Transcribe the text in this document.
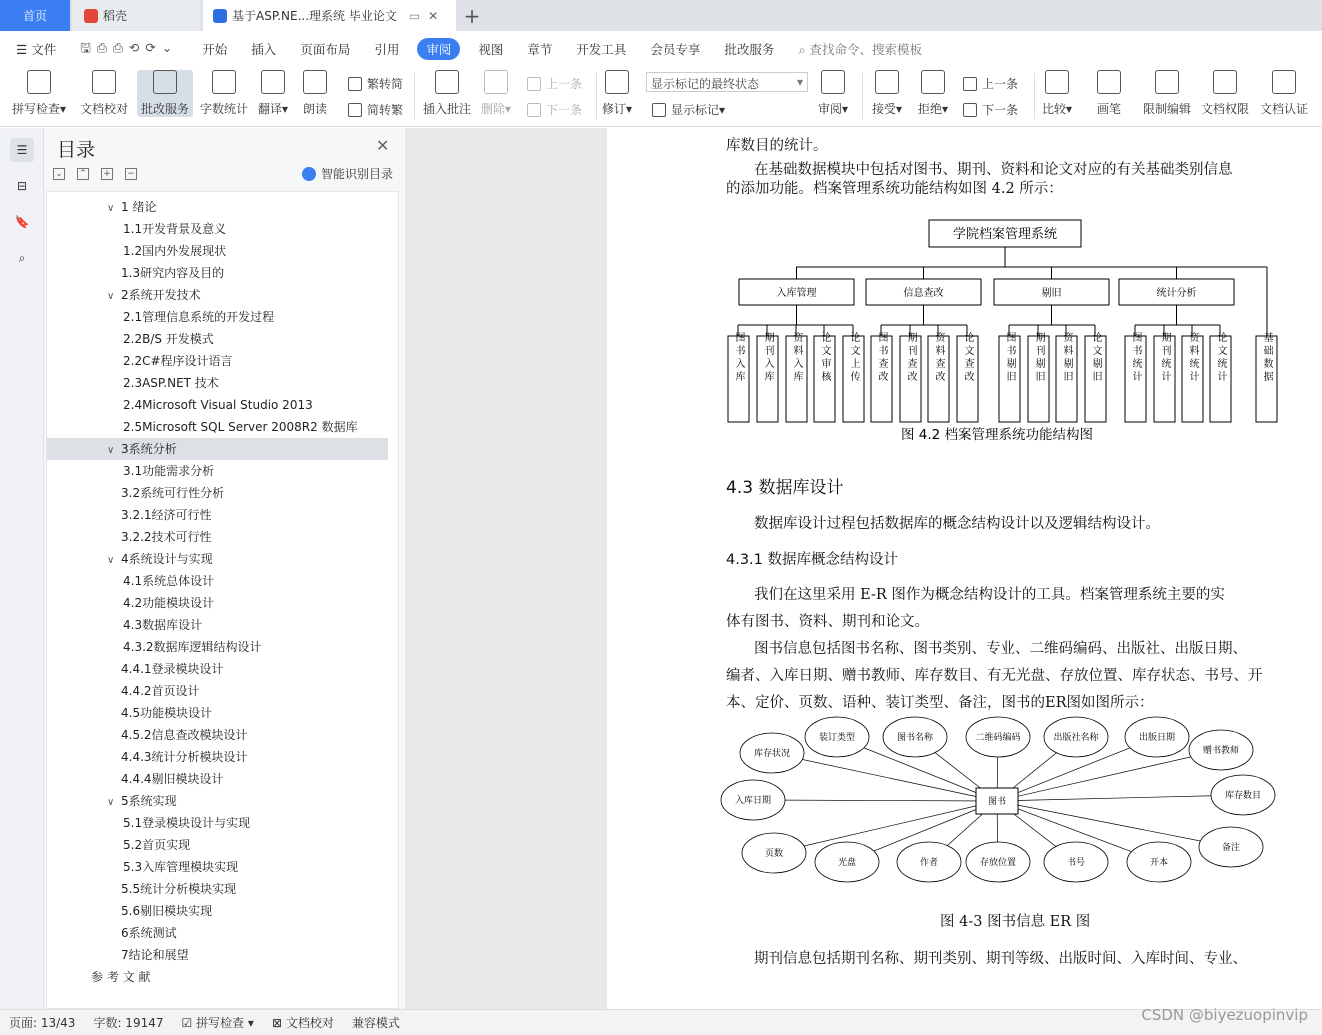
首页	稻壳	基于ASP.NE...理系统 毕业论文 ▭ ✕ +
☰ 文件 🖫⎙⎙⟲⟳⌄ 开始 插入 页面布局 引用	审阅	视图 章节 开发工具 会员专享 批改服务 ⌕ 查找命令、搜索模板
拼写检查▾ 文档校对	批改服务 字数统计 翻译▾ 朗读
繁转简
简转繁 插入批注 删除▾
上一条
下一条 修订▾
显示标记的最终状态	▾
显示标记 ▾	审阅▾ 接受▾ 拒绝▾
上一条
下一条 比较▾ 画笔 限制编辑 文档权限 文档认证
☰
⊟
🔖
⌕
目录	✕
⌄ ⌃ + −	智能识别目录
∨ 1 绪论
1.1开发背景及意义
1.2国内外发展现状
1.3研究内容及目的
∨ 2系统开发技术
2.1管理信息系统的开发过程
2.2B/S 开发模式
2.2C#程序设计语言
2.3ASP.NET 技术
2.4Microsoft Visual Studio 2013
2.5Microsoft SQL Server 2008R2 数据库
∨ 3系统分析
3.1功能需求分析
3.2系统可行性分析
3.2.1经济可行性
3.2.2技术可行性
∨ 4系统设计与实现
4.1系统总体设计
4.2功能模块设计
4.3数据库设计
4.3.2数据库逻辑结构设计
4.4.1登录模块设计
4.4.2首页设计
4.5功能模块设计
4.5.2信息查改模块设计
4.4.3统计分析模块设计
4.4.4剔旧模块设计
∨ 5系统实现
5.1登录模块设计与实现
5.2首页实现
5.3入库管理模块实现
5.5统计分析模块实现
5.6剔旧模块实现
6系统测试
7结论和展望
参 考 文 献
库数目的统计。
在基础数据模块中包括对图书、期刊、资料和论文对应的有关基础类别信息
的添加功能。档案管理系统功能结构如图 4.2 所示：
学院档案管理系统
入库管理	信息查改	剔旧	统计分析
图书入库 期刊入库 资料入库 论文审核 论文上传 图书查改 期刊查改 资料查改 论文查改	图书剔旧 期刊剔旧 资料剔旧 论文剔旧	图书统计 期刊统计 资料统计 论文统计	基础数据
图 4.2 档案管理系统功能结构图
4.3 数据库设计
数据库设计过程包括数据库的概念结构设计以及逻辑结构设计。
4.3.1 数据库概念结构设计
我们在这里采用 E-R 图作为概念结构设计的工具。档案管理系统主要的实
体有图书、资料、期刊和论文。
图书信息包括图书名称、图书类别、专业、二维码编码、出版社、出版日期、
编者、入库日期、赠书教师、库存数目、有无光盘、存放位置、库存状态、书号、开
本、定价、页数、语种、装订类型、备注，图书的ER图如图所示：
图书
库存状况
装订类型	图书名称	二维码编码	出版社名称	出版日期
赠书教师
入库日期	库存数目
页数
光盘	作者	存放位置	书号	开本
备注
图 4-3 图书信息 ER 图
期刊信息包括期刊名称、期刊类别、期刊等级、出版时间、入库时间、专业、
页面: 13/43 字数: 19147 ☑ 拼写检查 ▾ ⊠ 文档校对 兼容模式	CSDN @biyezuopinvip
